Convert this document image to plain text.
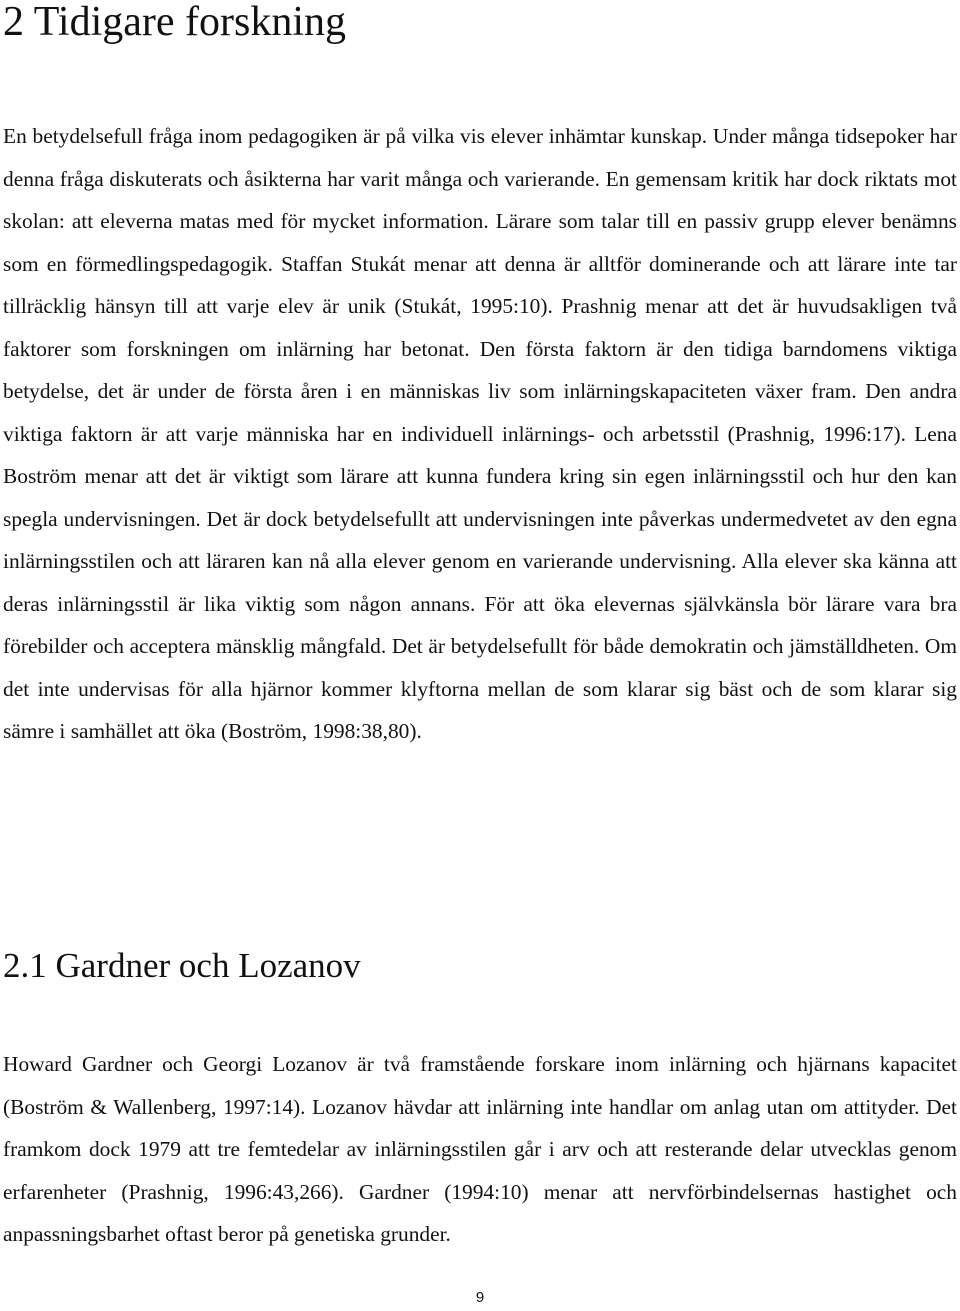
2 Tidigare forskning

En betydelsefull fråga inom pedagogiken är på vilka vis elever inhämtar kunskap. Under många tidsepoker har denna fråga diskuterats och åsikterna har varit många och varierande. En gemensam kritik har dock riktats mot skolan: att eleverna matas med för mycket information. Lärare som talar till en passiv grupp elever benämns som en förmedlingspedagogik. Staffan Stukát menar att denna är alltför dominerande och att lärare inte tar tillräcklig hänsyn till att varje elev är unik (Stukát, 1995:10). Prashnig menar att det är huvudsakligen två faktorer som forskningen om inlärning har betonat. Den första faktorn är den tidiga barndomens viktiga betydelse, det är under de första åren i en människas liv som inlärningskapaciteten växer fram. Den andra viktiga faktorn är att varje människa har en individuell inlärnings- och arbetsstil (Prashnig, 1996:17). Lena Boström menar att det är viktigt som lärare att kunna fundera kring sin egen inlärningsstil och hur den kan spegla undervisningen. Det är dock betydelsefullt att undervisningen inte påverkas undermedvetet av den egna inlärningsstilen och att läraren kan nå alla elever genom en varierande undervisning. Alla elever ska känna att deras inlärningsstil är lika viktig som någon annans. För att öka elevernas självkänsla bör lärare vara bra förebilder och acceptera mänsklig mångfald. Det är betydelsefullt för både demokratin och jämställdheten. Om det inte undervisas för alla hjärnor kommer klyftorna mellan de som klarar sig bäst och de som klarar sig sämre i samhället att öka (Boström, 1998:38,80).

2.1 Gardner och Lozanov

Howard Gardner och Georgi Lozanov är två framstående forskare inom inlärning och hjärnans kapacitet (Boström & Wallenberg, 1997:14). Lozanov hävdar att inlärning inte handlar om anlag utan om attityder. Det framkom dock 1979 att tre femtedelar av inlärningsstilen går i arv och att resterande delar utvecklas genom erfarenheter (Prashnig, 1996:43,266). Gardner (1994:10) menar att nervförbindelsernas hastighet och anpassningsbarhet oftast beror på genetiska grunder.

9
